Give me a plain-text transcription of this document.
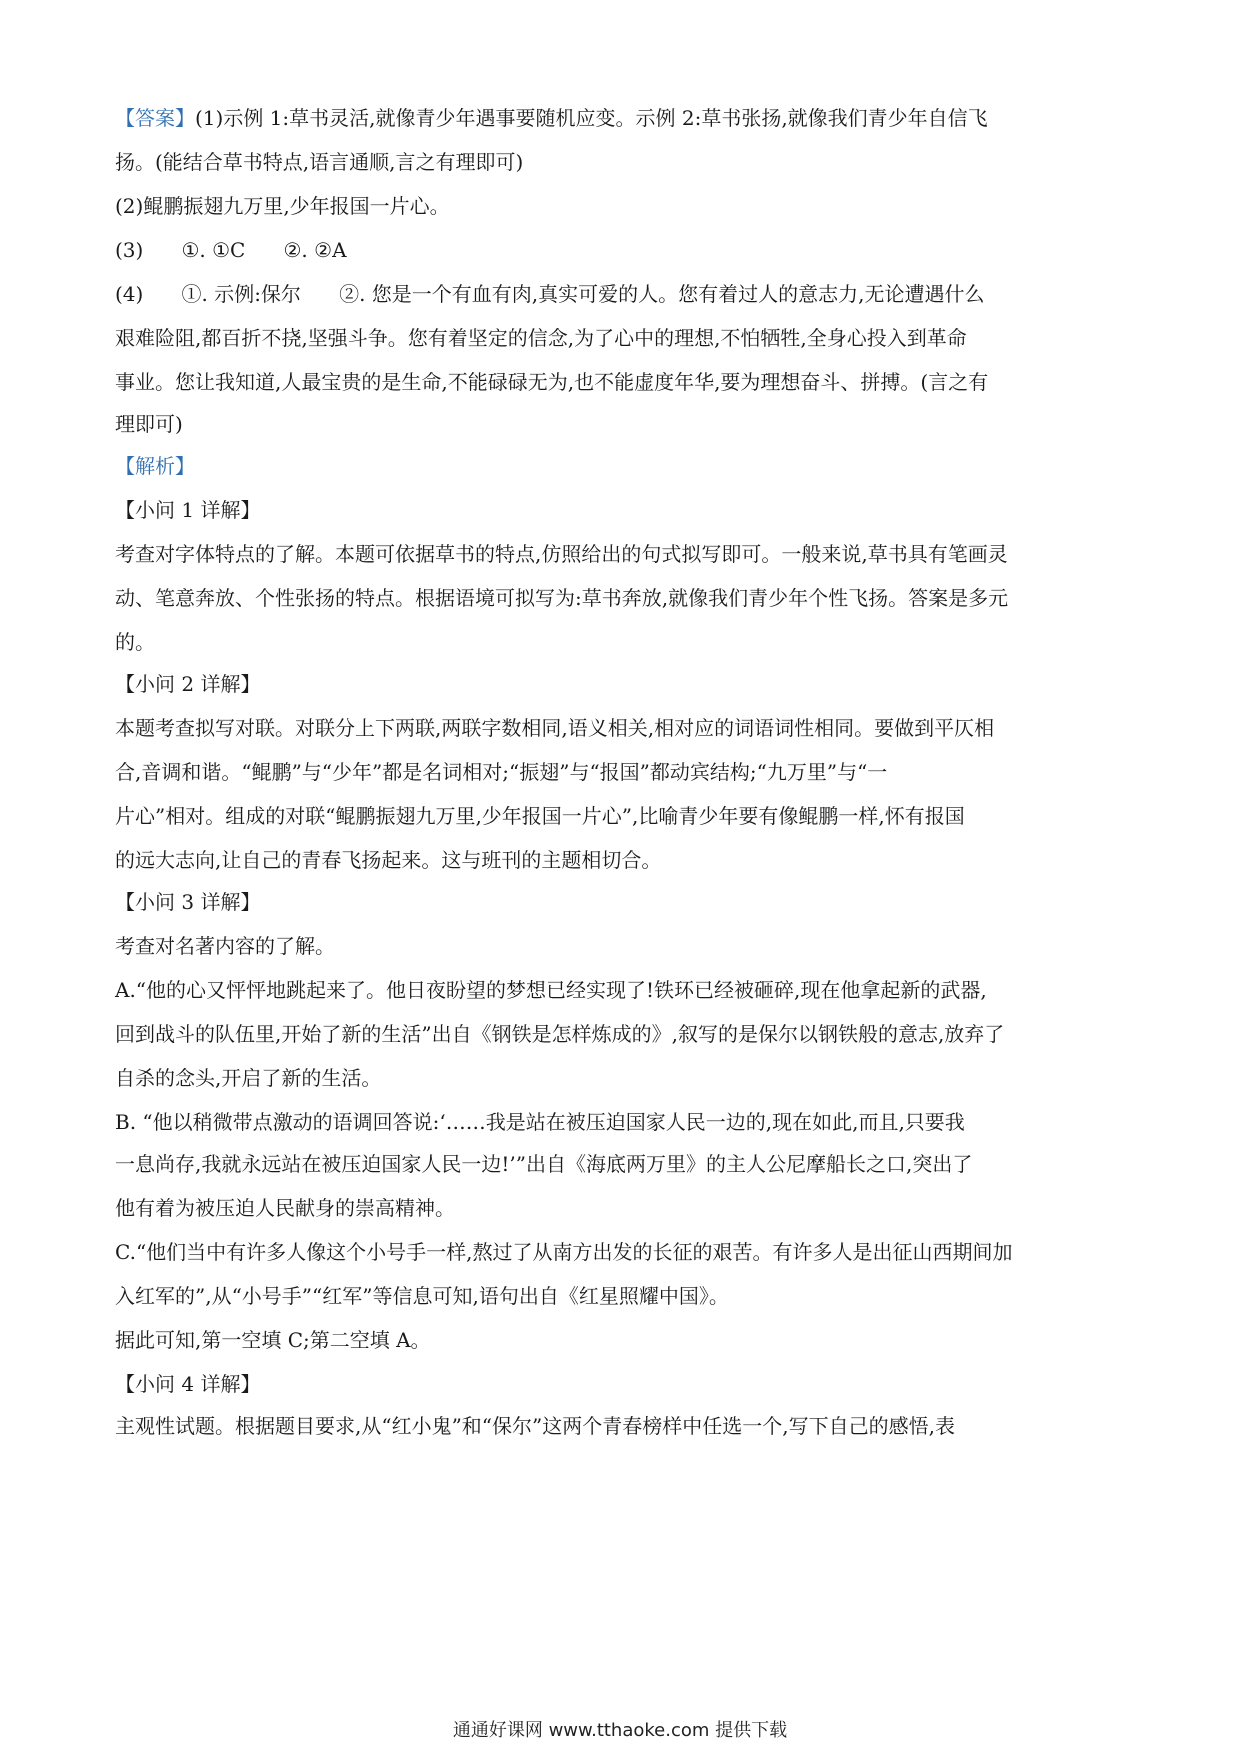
【答案】(1)示例 1:草书灵活,就像青少年遇事要随机应变。示例 2:草书张扬,就像我们青少年自信飞
扬。(能结合草书特点,语言通顺,言之有理即可)
(2)鲲鹏振翅九万里,少年报国一片心。
(3)      ①. ①C      ②. ②A
(4)      ①. 示例:保尔      ②. 您是一个有血有肉,真实可爱的人。您有着过人的意志力,无论遭遇什么
艰难险阻,都百折不挠,坚强斗争。您有着坚定的信念,为了心中的理想,不怕牺牲,全身心投入到革命
事业。您让我知道,人最宝贵的是生命,不能碌碌无为,也不能虚度年华,要为理想奋斗、拼搏。(言之有
理即可)
【解析】
【小问 1 详解】
考查对字体特点的了解。本题可依据草书的特点,仿照给出的句式拟写即可。一般来说,草书具有笔画灵
动、笔意奔放、个性张扬的特点。根据语境可拟写为:草书奔放,就像我们青少年个性飞扬。答案是多元
的。
【小问 2 详解】
本题考查拟写对联。对联分上下两联,两联字数相同,语义相关,相对应的词语词性相同。要做到平仄相
合,音调和谐。“鲲鹏”与“少年”都是名词相对;“振翅”与“报国”都动宾结构;“九万里”与“一
片心”相对。组成的对联“鲲鹏振翅九万里,少年报国一片心”,比喻青少年要有像鲲鹏一样,怀有报国
的远大志向,让自己的青春飞扬起来。这与班刊的主题相切合。
【小问 3 详解】
考查对名著内容的了解。
A.“他的心又怦怦地跳起来了。他日夜盼望的梦想已经实现了!铁环已经被砸碎,现在他拿起新的武器,
回到战斗的队伍里,开始了新的生活”出自《钢铁是怎样炼成的》,叙写的是保尔以钢铁般的意志,放弃了
自杀的念头,开启了新的生活。
B. “他以稍微带点激动的语调回答说:‘……我是站在被压迫国家人民一边的,现在如此,而且,只要我
一息尚存,我就永远站在被压迫国家人民一边!’”出自《海底两万里》的主人公尼摩船长之口,突出了
他有着为被压迫人民献身的崇高精神。
C.“他们当中有许多人像这个小号手一样,熬过了从南方出发的长征的艰苦。有许多人是出征山西期间加
入红军的”,从“小号手”“红军”等信息可知,语句出自《红星照耀中国》。
据此可知,第一空填 C;第二空填 A。
【小问 4 详解】
主观性试题。根据题目要求,从“红小鬼”和“保尔”这两个青春榜样中任选一个,写下自己的感悟,表
通通好课网 www.tthaoke.com 提供下载
